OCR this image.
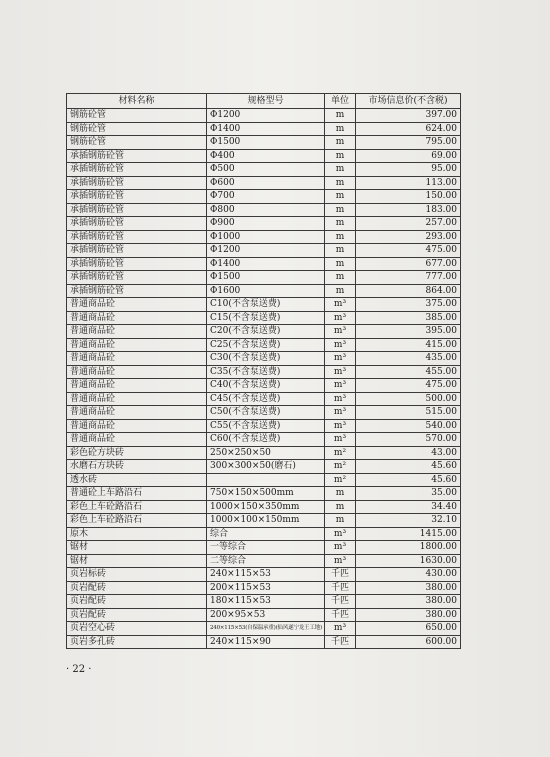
材料名称	规格型号	单位	市场信息价(不含税)
钢筋砼管	Φ1200	m	397.00
钢筋砼管	Φ1400	m	624.00
钢筋砼管	Φ1500	m	795.00
承插钢筋砼管	Φ400	m	69.00
承插钢筋砼管	Φ500	m	95.00
承插钢筋砼管	Φ600	m	113.00
承插钢筋砼管	Φ700	m	150.00
承插钢筋砼管	Φ800	m	183.00
承插钢筋砼管	Φ900	m	257.00
承插钢筋砼管	Φ1000	m	293.00
承插钢筋砼管	Φ1200	m	475.00
承插钢筋砼管	Φ1400	m	677.00
承插钢筋砼管	Φ1500	m	777.00
承插钢筋砼管	Φ1600	m	864.00
普通商品砼	C10(不含泵送费)	m³	375.00
普通商品砼	C15(不含泵送费)	m³	385.00
普通商品砼	C20(不含泵送费)	m³	395.00
普通商品砼	C25(不含泵送费)	m³	415.00
普通商品砼	C30(不含泵送费)	m³	435.00
普通商品砼	C35(不含泵送费)	m³	455.00
普通商品砼	C40(不含泵送费)	m³	475.00
普通商品砼	C45(不含泵送费)	m³	500.00
普通商品砼	C50(不含泵送费)	m³	515.00
普通商品砼	C55(不含泵送费)	m³	540.00
普通商品砼	C60(不含泵送费)	m³	570.00
彩色砼方块砖	250×250×50	m²	43.00
水磨石方块砖	300×300×50(磨石)	m²	45.60
透水砖		m²	45.60
普通砼上车路沿石	750×150×500mm	m	35.00
彩色上车砼路沿石	1000×150×350mm	m	34.40
彩色上车砼路沿石	1000×100×150mm	m	32.10
原木	综合	m³	1415.00
锯材	一等综合	m³	1800.00
锯材	二等综合	m³	1630.00
页岩标砖	240×115×53	千匹	430.00
页岩配砖	200×115×53	千匹	380.00
页岩配砖	180×115×53	千匹	380.00
页岩配砖	200×95×53	千匹	380.00
页岩空心砖	240×115×53(自保温承重)(仙风遂宁龙王工地)	m³	650.00
页岩多孔砖	240×115×90	千匹	600.00
· 22 ·
